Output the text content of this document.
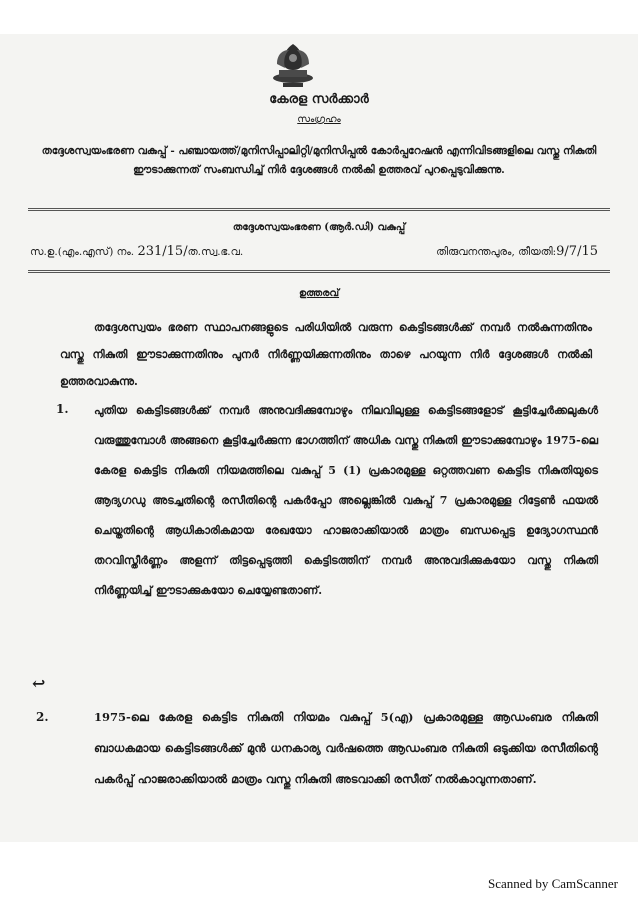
കേരള സർക്കാർ
സംഗ്രഹം
തദ്ദേശസ്വയംഭരണ വകുപ്പ് - പഞ്ചായത്ത്/മുനിസിപ്പാലിറ്റി/മുനിസിപ്പൽ കോർപ്പറേഷൻ എന്നിവിടങ്ങളിലെ വസ്തു നികുതി ഈടാക്കുന്നത് സംബന്ധിച്ച് നിർ ദ്ദേശങ്ങൾ നൽകി ഉത്തരവ് പുറപ്പെടുവിക്കുന്നു.
തദ്ദേശസ്വയംഭരണ (ആർ.ഡി) വകുപ്പ്
സ.ഉ.(എം.എസ്) നം. 231/15/ത.സ്വ.ഭ.വ.	തിരുവനന്തപുരം, തീയതി:9/7/15
ഉത്തരവ്
തദ്ദേശസ്വയം ഭരണ സ്ഥാപനങ്ങളുടെ പരിധിയിൽ വരുന്ന കെട്ടിടങ്ങൾക്ക് നമ്പർ നൽകുന്നതിനും വസ്തു നികുതി ഈടാക്കുന്നതിനും പുനർ നിർണ്ണയിക്കുന്നതിനും താഴെ പറയുന്ന നിർ ദ്ദേശങ്ങൾ നൽകി ഉത്തരവാകുന്നു.
1. പുതിയ കെട്ടിടങ്ങൾക്ക് നമ്പർ അനുവദിക്കുമ്പോഴും നിലവിലുള്ള കെട്ടിടങ്ങളോട് കൂട്ടിച്ചേർക്കലുകൾ വരുത്തുമ്പോൾ അങ്ങനെ കൂട്ടിച്ചേർക്കുന്ന ഭാഗത്തിന് അധിക വസ്തു നികുതി ഈടാക്കുമ്പോഴും 1975-ലെ കേരള കെട്ടിട നികുതി നിയമത്തിലെ വകുപ്പ് 5 (1) പ്രകാരമുള്ള ഒറ്റത്തവണ കെട്ടിട നികുതിയുടെ ആദ്യഗഡു അടച്ചതിന്റെ രസീതിന്റെ പകർപ്പോ അല്ലെങ്കിൽ വകുപ്പ് 7 പ്രകാരമുള്ള റിട്ടേൺ ഫയൽ ചെയ്തതിന്റെ ആധികാരികമായ രേഖയോ ഹാജരാക്കിയാൽ മാത്രം ബന്ധപ്പെട്ട ഉദ്യോഗസ്ഥൻ തറവിസ്തീർണ്ണം അളന്ന് തിട്ടപ്പെടുത്തി കെട്ടിടത്തിന് നമ്പർ അനുവദിക്കുകയോ വസ്തു നികുതി നിർണ്ണയിച്ച് ഈടാക്കുകയോ ചെയ്യേണ്ടതാണ്.
↩
2.	1975-ലെ കേരള കെട്ടിട നികുതി നിയമം വകുപ്പ് 5(എ) പ്രകാരമുള്ള ആഡംബര നികുതി ബാധകമായ കെട്ടിടങ്ങൾക്ക് മുൻ ധനകാര്യ വർഷത്തെ ആഡംബര നികുതി ഒടുക്കിയ രസീതിന്റെ പകർപ്പ് ഹാജരാക്കിയാൽ മാത്രം വസ്തു നികുതി അടവാക്കി രസീത് നൽകാവുന്നതാണ്.
Scanned by CamScanner
